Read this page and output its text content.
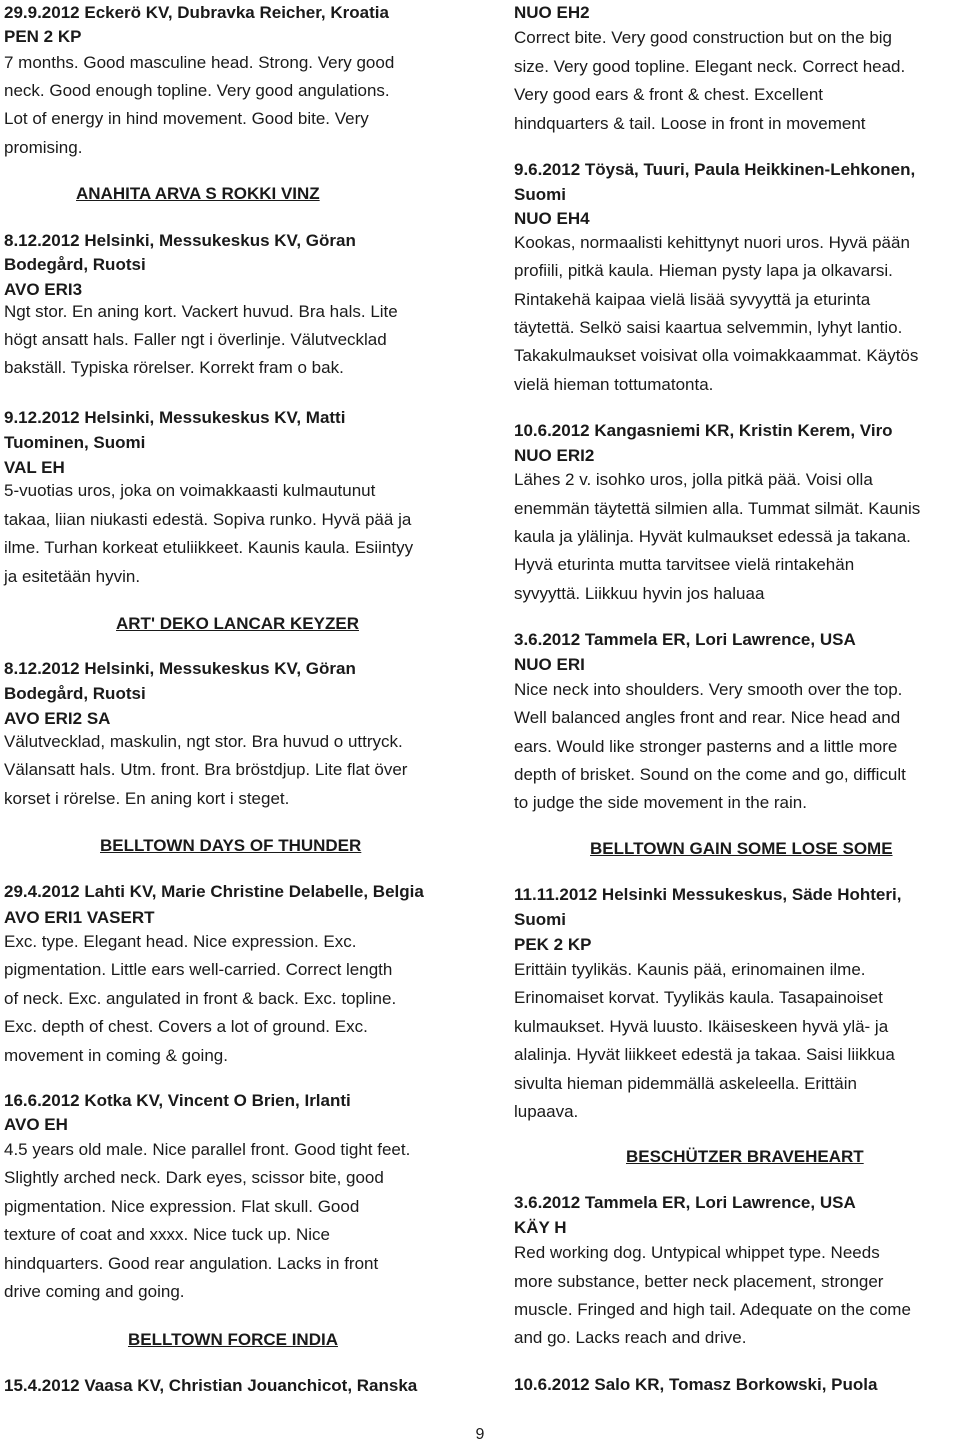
29.9.2012 Eckerö KV, Dubravka Reicher, Kroatia
PEN 2 KP
7 months. Good masculine head. Strong. Very good
neck. Good enough topline. Very good angulations.
Lot of energy in hind movement. Good bite. Very
promising.
ANAHITA ARVA S ROKKI VINZ
8.12.2012 Helsinki, Messukeskus KV, Göran
Bodegård, Ruotsi
AVO ERI3
Ngt stor. En aning kort. Vackert huvud. Bra hals. Lite
högt ansatt hals. Faller ngt i överlinje. Välutvecklad
bakställ. Typiska rörelser. Korrekt fram o bak.
9.12.2012 Helsinki, Messukeskus KV, Matti
Tuominen, Suomi
VAL EH
5-vuotias uros, joka on voimakkaasti kulmautunut
takaa, liian niukasti edestä. Sopiva runko. Hyvä pää ja
ilme. Turhan korkeat etuliikkeet. Kaunis kaula. Esiintyy
ja esitetään hyvin.
ART' DEKO LANCAR KEYZER
8.12.2012 Helsinki, Messukeskus KV, Göran
Bodegård, Ruotsi
AVO ERI2 SA
Välutvecklad, maskulin, ngt stor. Bra huvud o uttryck.
Välansatt hals. Utm. front. Bra bröstdjup. Lite flat över
korset i rörelse. En aning kort i steget.
BELLTOWN DAYS OF THUNDER
29.4.2012 Lahti KV, Marie Christine Delabelle, Belgia
AVO ERI1 VASERT
Exc. type. Elegant head. Nice expression. Exc.
pigmentation. Little ears well-carried. Correct length
of neck. Exc. angulated in front & back. Exc. topline.
Exc. depth of chest. Covers a lot of ground. Exc.
movement in coming & going.
16.6.2012 Kotka KV, Vincent O Brien, Irlanti
AVO EH
4.5 years old male. Nice parallel front. Good tight feet.
Slightly arched neck. Dark eyes, scissor bite, good
pigmentation. Nice expression. Flat skull. Good
texture of coat and xxxx. Nice tuck up. Nice
hindquarters. Good rear angulation. Lacks in front
drive coming and going.
BELLTOWN FORCE INDIA
15.4.2012 Vaasa KV, Christian Jouanchicot, Ranska
NUO EH2
Correct bite. Very good construction but on the big
size. Very good topline. Elegant neck. Correct head.
Very good ears & front & chest. Excellent
hindquarters & tail. Loose in front in movement
9.6.2012 Töysä, Tuuri, Paula Heikkinen-Lehkonen,
Suomi
NUO EH4
Kookas, normaalisti kehittynyt nuori uros. Hyvä pään
profiili, pitkä kaula. Hieman pysty lapa ja olkavarsi.
Rintakehä kaipaa vielä lisää syvyyttä ja eturinta
täytettä. Selkö saisi kaartua selvemmin, lyhyt lantio.
Takakulmaukset voisivat olla voimakkaammat. Käytös
vielä hieman tottumatonta.
10.6.2012 Kangasniemi KR, Kristin Kerem, Viro
NUO ERI2
Lähes 2 v. isohko uros, jolla pitkä pää. Voisi olla
enemmän täytettä silmien alla. Tummat silmät. Kaunis
kaula ja ylälinja. Hyvät kulmaukset edessä ja takana.
Hyvä eturinta mutta tarvitsee vielä rintakehän
syvyyttä. Liikkuu hyvin jos haluaa
3.6.2012 Tammela ER, Lori Lawrence, USA
NUO ERI
Nice neck into shoulders. Very smooth over the top.
Well balanced angles front and rear. Nice head and
ears. Would like stronger pasterns and a little more
depth of brisket. Sound on the come and go, difficult
to judge the side movement in the rain.
BELLTOWN GAIN SOME LOSE SOME
11.11.2012 Helsinki Messukeskus, Säde Hohteri,
Suomi
PEK 2 KP
Erittäin tyylikäs. Kaunis pää, erinomainen ilme.
Erinomaiset korvat. Tyylikäs kaula. Tasapainoiset
kulmaukset. Hyvä luusto. Ikäiseskeen hyvä ylä- ja
alalinja. Hyvät liikkeet edestä ja takaa. Saisi liikkua
sivulta hieman pidemmällä askeleella. Erittäin
lupaava.
BESCHÜTZER BRAVEHEART
3.6.2012 Tammela ER, Lori Lawrence, USA
KÄY H
Red working dog. Untypical whippet type. Needs
more substance, better neck placement, stronger
muscle. Fringed and high tail. Adequate on the come
and go. Lacks reach and drive.
10.6.2012 Salo KR, Tomasz Borkowski, Puola
9
